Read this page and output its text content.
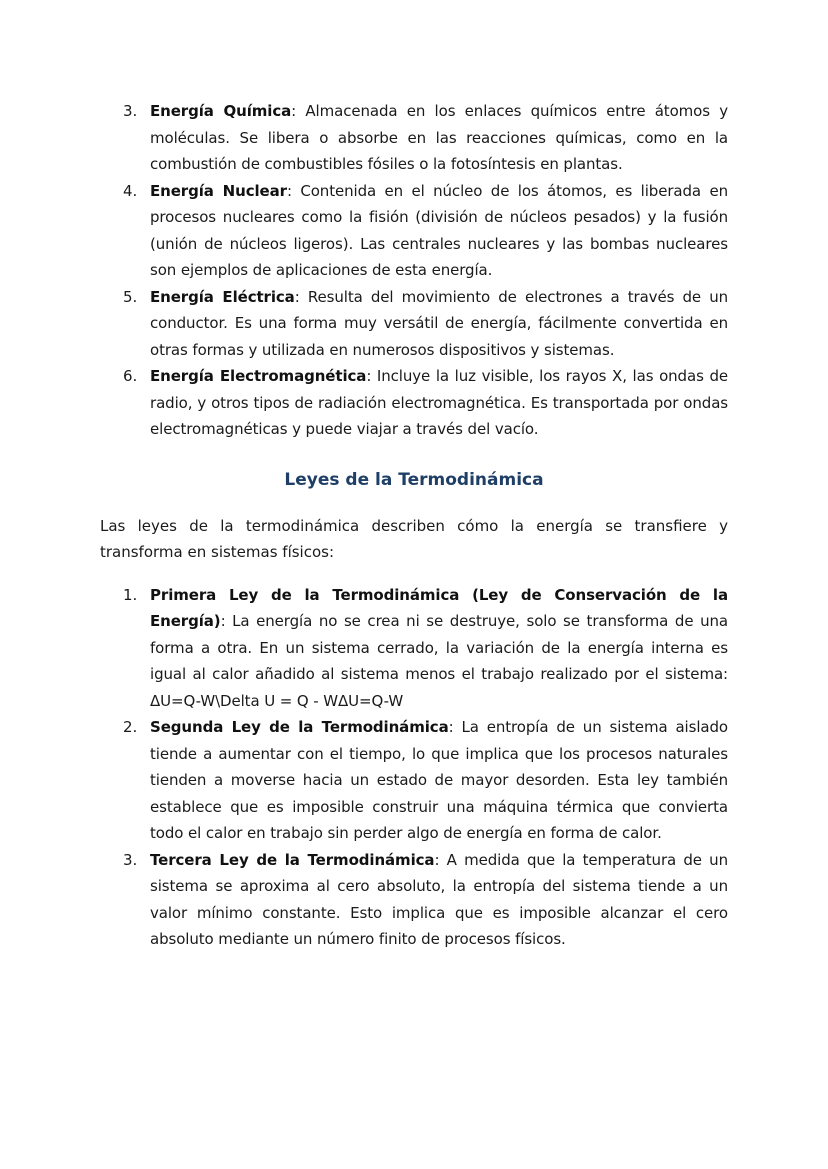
3. Energía Química: Almacenada en los enlaces químicos entre átomos y moléculas. Se libera o absorbe en las reacciones químicas, como en la combustión de combustibles fósiles o la fotosíntesis en plantas.
4. Energía Nuclear: Contenida en el núcleo de los átomos, es liberada en procesos nucleares como la fisión (división de núcleos pesados) y la fusión (unión de núcleos ligeros). Las centrales nucleares y las bombas nucleares son ejemplos de aplicaciones de esta energía.
5. Energía Eléctrica: Resulta del movimiento de electrones a través de un conductor. Es una forma muy versátil de energía, fácilmente convertida en otras formas y utilizada en numerosos dispositivos y sistemas.
6. Energía Electromagnética: Incluye la luz visible, los rayos X, las ondas de radio, y otros tipos de radiación electromagnética. Es transportada por ondas electromagnéticas y puede viajar a través del vacío.
Leyes de la Termodinámica

Las leyes de la termodinámica describen cómo la energía se transfiere y transforma en sistemas físicos:

1. Primera Ley de la Termodinámica (Ley de Conservación de la Energía): La energía no se crea ni se destruye, solo se transforma de una forma a otra. En un sistema cerrado, la variación de la energía interna es igual al calor añadido al sistema menos el trabajo realizado por el sistema: ΔU=Q-W\Delta U = Q - WΔU=Q-W
2. Segunda Ley de la Termodinámica: La entropía de un sistema aislado tiende a aumentar con el tiempo, lo que implica que los procesos naturales tienden a moverse hacia un estado de mayor desorden. Esta ley también establece que es imposible construir una máquina térmica que convierta todo el calor en trabajo sin perder algo de energía en forma de calor.
3. Tercera Ley de la Termodinámica: A medida que la temperatura de un sistema se aproxima al cero absoluto, la entropía del sistema tiende a un valor mínimo constante. Esto implica que es imposible alcanzar el cero absoluto mediante un número finito de procesos físicos.
